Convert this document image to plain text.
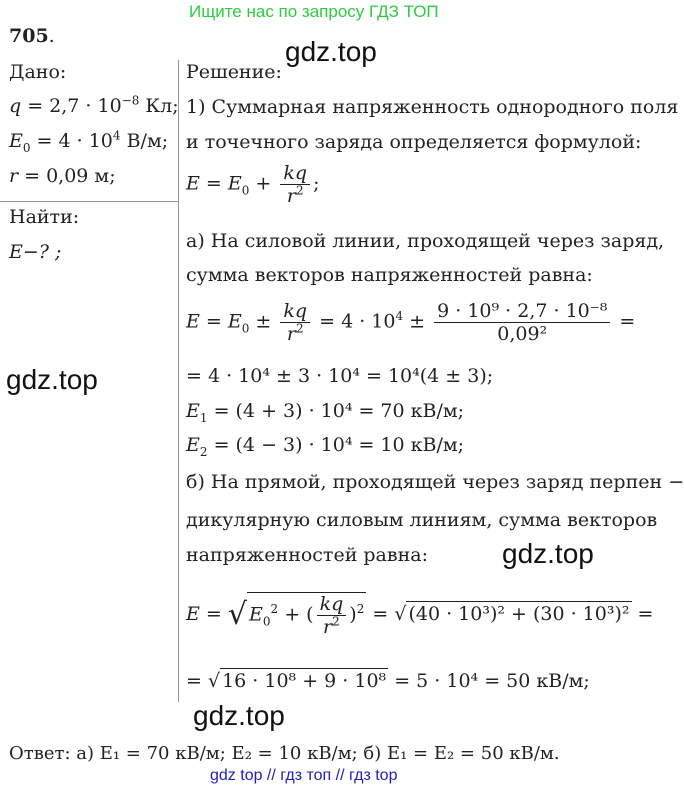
Ищите нас по запросу ГДЗ ТОП
705.
Дано:
$q = 2,7 \cdot 10^{-8}$ Кл;
$E_0 = 4 \cdot 10^4$ В/м;
r = 0,09 м;
Найти:
E−? ;
gdz.top
gdz.top
gdz.top
gdz.top
Решение:
1) Суммарная напряженность однородного поля
и точечного заряда определяется формулой:
$E = E_0 + \frac{kq}{r^2}$ ;
а) На силовой линии, проходящей через заряд,
сумма векторов напряженностей равна:
$E = E_0 \pm \frac{kq}{r^2} = 4 \cdot 10^4 \pm \frac{\text{9 · 10⁹ · 2,7 · 10⁻⁸}}{\text{0,09²}}$ =
= 4 · 10⁴ ± 3 · 10⁴ = 10⁴(4 ± 3);
$E_1 = (4 + 3) \cdot 10^4 = 70$ кВ/м;
$E_2 = (4 - 3) \cdot 10^4 = 10$ кВ/м;
б) На прямой, проходящей через заряд перпен −
дикулярную силовым линиям, сумма векторов
напряженностей равна:
E = √ $E_0^2$ + ( $\frac{kq}{r^2} )^2$ = √ (40 · 10³)² + (30 · 10³)² =
= √ 16 · 10⁸ + 9 · 10⁸ = 5 · 10⁴ = 50 кВ/м;
Ответ: а) E₁ = 70 кВ/м; E₂ = 10 кВ/м; б) E₁ = E₂ = 50 кВ/м.
gdz top // гдз топ // гдз top
